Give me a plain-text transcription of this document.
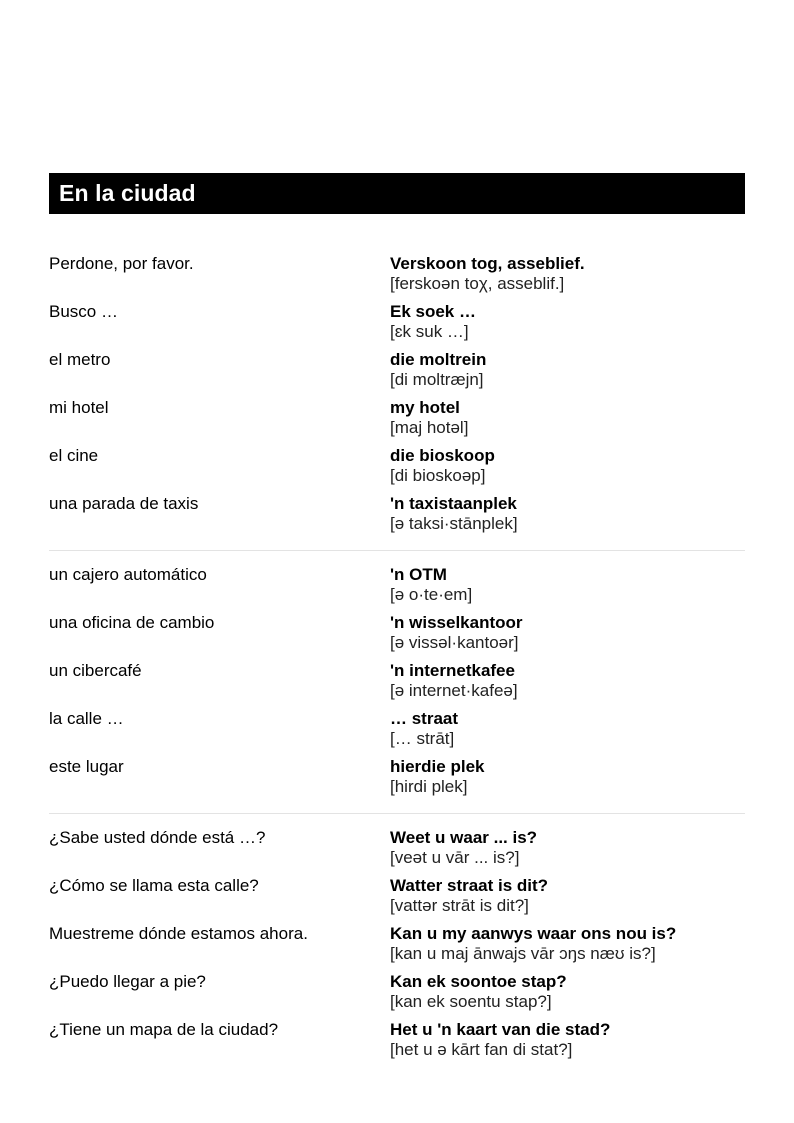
En la ciudad
Perdone, por favor.	Verskoon tog, asseblief.
[ferskoən toχ, asseblif.]
Busco …	Ek soek …
[ɛk suk …]
el metro	die moltrein
[di moltræjn]
mi hotel	my hotel
[maj hotəl]
el cine	die bioskoop
[di bioskoəp]
una parada de taxis	'n taxistaanplek
[ə taksi·stānplek]
un cajero automático	'n OTM
[ə o·te·em]
una oficina de cambio	'n wisselkantoor
[ə vissəl·kantoər]
un cibercafé	'n internetkafee
[ə internet·kafeə]
la calle …	… straat
[… strāt]
este lugar	hierdie plek
[hirdi plek]
¿Sabe usted dónde está …?	Weet u waar ... is?
[veət u vār ... is?]
¿Cómo se llama esta calle?	Watter straat is dit?
[vattər strāt is dit?]
Muestreme dónde estamos ahora.	Kan u my aanwys waar ons nou is?
[kan u maj ānwajs vār ɔŋs næʊ is?]
¿Puedo llegar a pie?	Kan ek soontoe stap?
[kan ek soentu stap?]
¿Tiene un mapa de la ciudad?	Het u 'n kaart van die stad?
[het u ə kārt fan di stat?]
